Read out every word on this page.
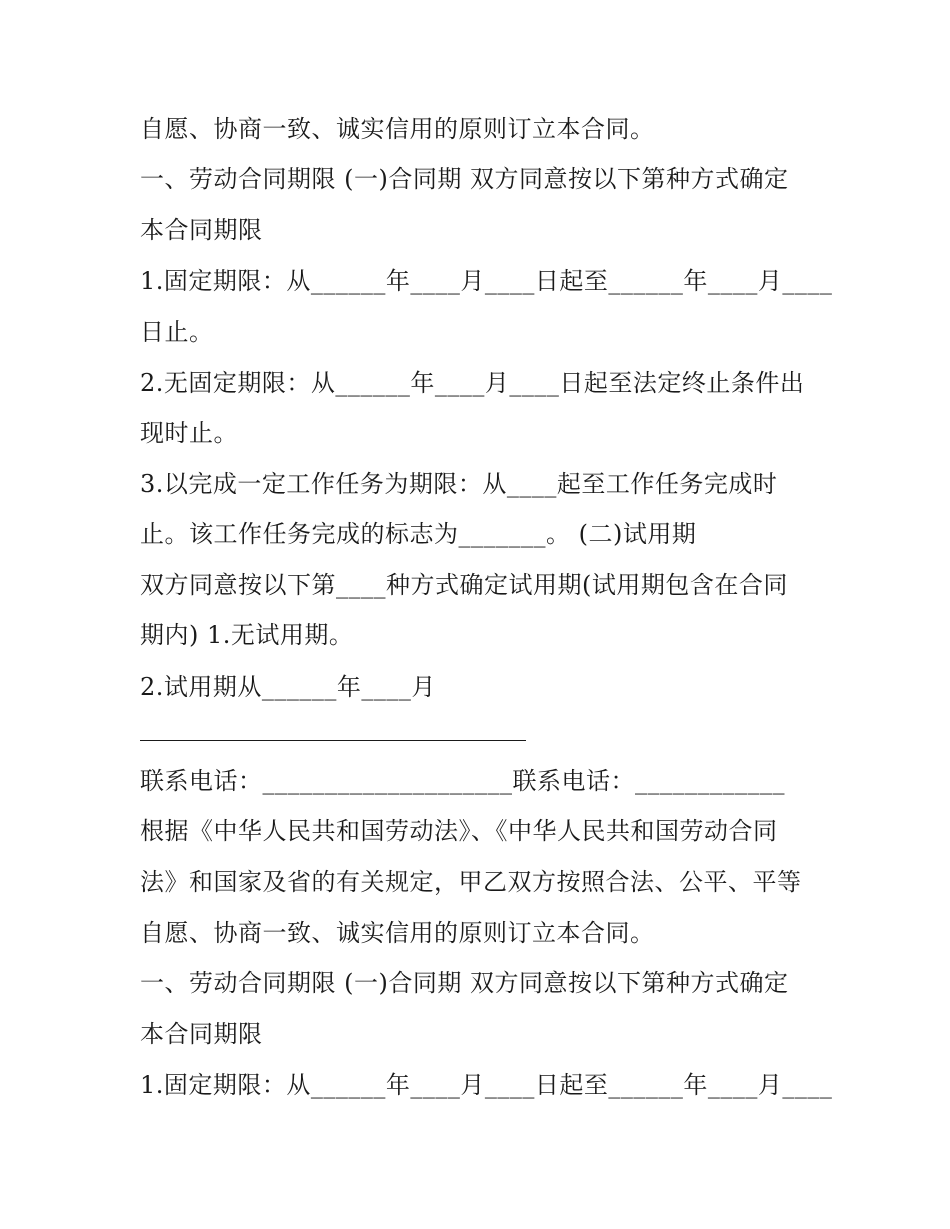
自愿、协商一致、诚实信用的原则订立本合同。
一、劳动合同期限 (一)合同期 双方同意按以下第种方式确定
本合同期限
1.固定期限：从______年____月____日起至______年____月____
日止。
2.无固定期限：从______年____月____日起至法定终止条件出
现时止。
3.以完成一定工作任务为期限：从____起至工作任务完成时
止。该工作任务完成的标志为_______。 (二)试用期
双方同意按以下第____种方式确定试用期(试用期包含在合同
期内) 1.无试用期。
2.试用期从______年____月
联系电话：____________________联系电话：____________
根据《中华人民共和国劳动法》、《中华人民共和国劳动合同
法》和国家及省的有关规定，甲乙双方按照合法、公平、平等
自愿、协商一致、诚实信用的原则订立本合同。
一、劳动合同期限 (一)合同期 双方同意按以下第种方式确定
本合同期限
1.固定期限：从______年____月____日起至______年____月____
